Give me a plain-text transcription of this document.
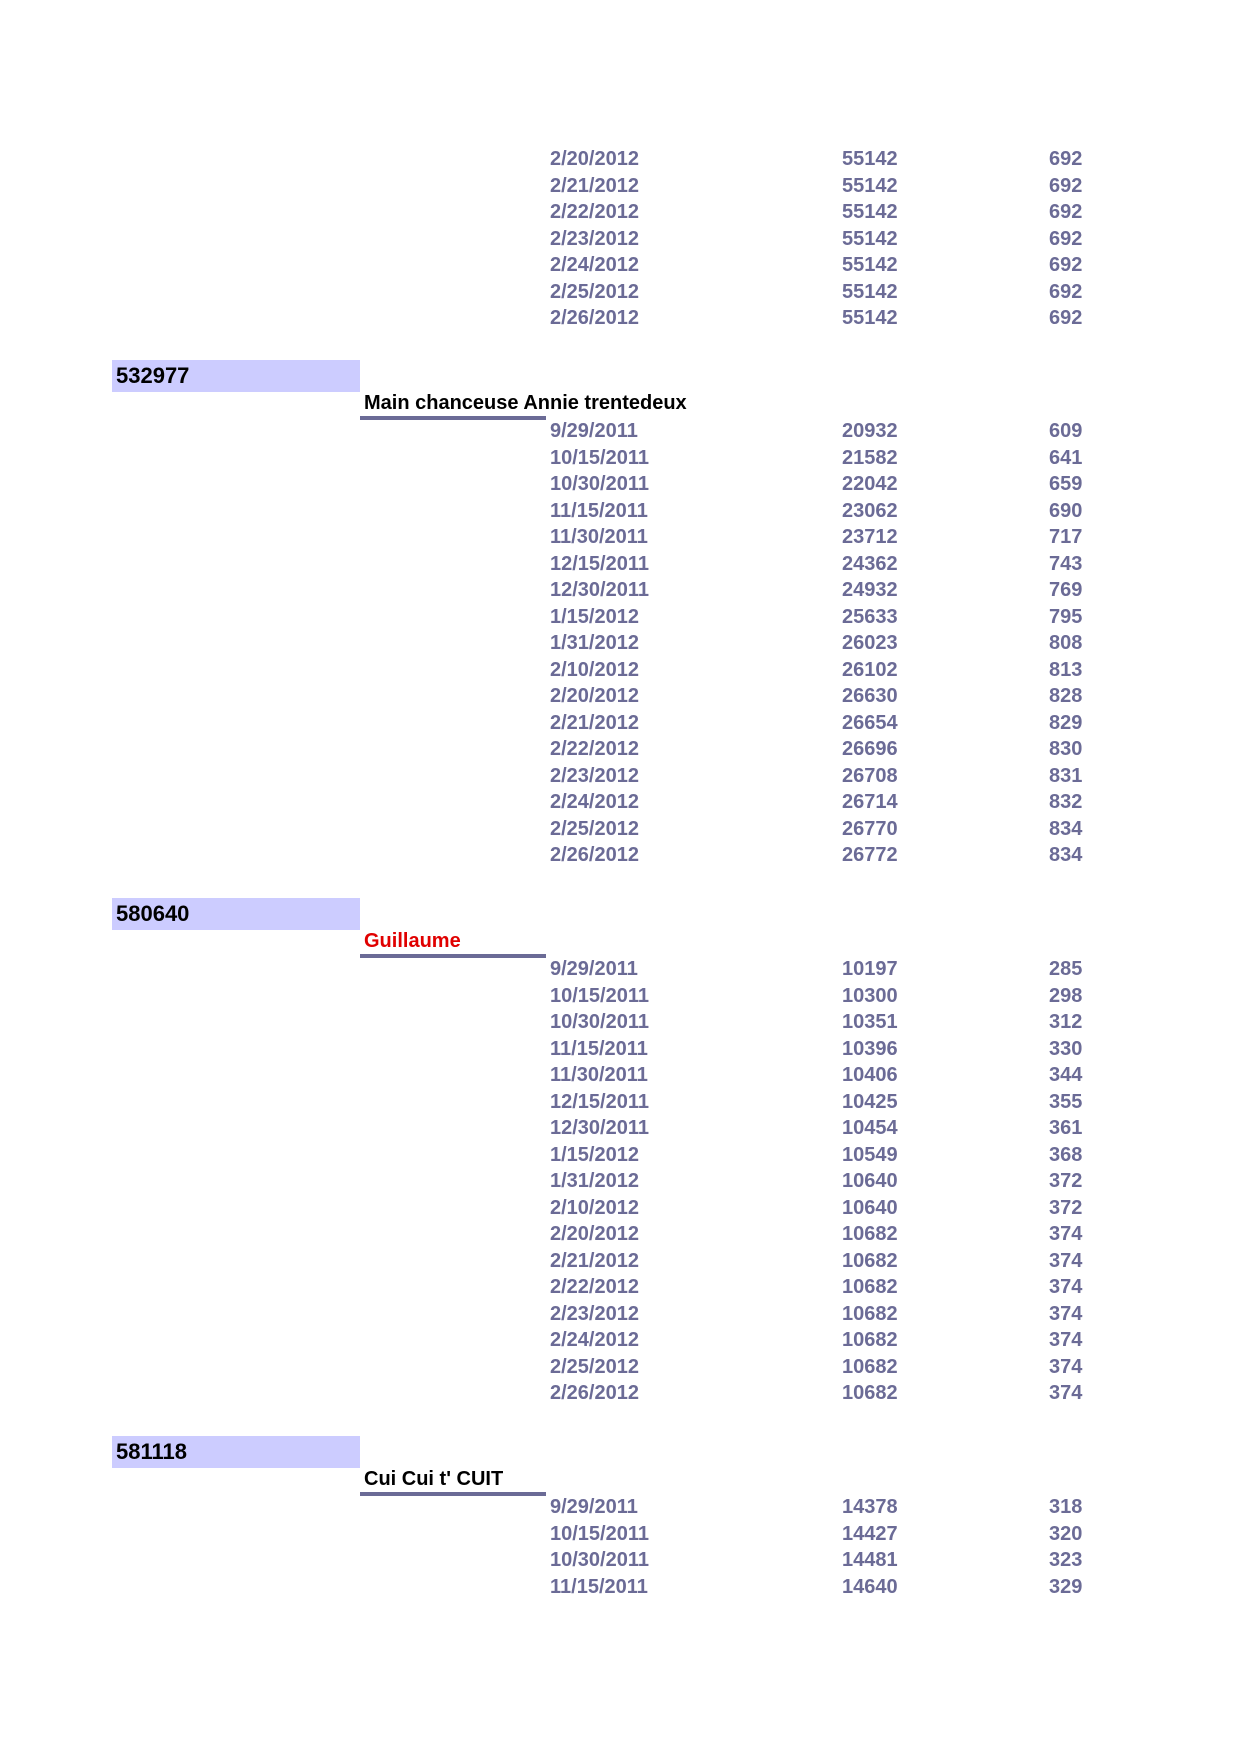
2/20/2012	55142	692
2/21/2012	55142	692
2/22/2012	55142	692
2/23/2012	55142	692
2/24/2012	55142	692
2/25/2012	55142	692
2/26/2012	55142	692
532977
Main chanceuse Annie trentedeux
9/29/2011	20932	609
10/15/2011	21582	641
10/30/2011	22042	659
11/15/2011	23062	690
11/30/2011	23712	717
12/15/2011	24362	743
12/30/2011	24932	769
1/15/2012	25633	795
1/31/2012	26023	808
2/10/2012	26102	813
2/20/2012	26630	828
2/21/2012	26654	829
2/22/2012	26696	830
2/23/2012	26708	831
2/24/2012	26714	832
2/25/2012	26770	834
2/26/2012	26772	834
580640
Guillaume
9/29/2011	10197	285
10/15/2011	10300	298
10/30/2011	10351	312
11/15/2011	10396	330
11/30/2011	10406	344
12/15/2011	10425	355
12/30/2011	10454	361
1/15/2012	10549	368
1/31/2012	10640	372
2/10/2012	10640	372
2/20/2012	10682	374
2/21/2012	10682	374
2/22/2012	10682	374
2/23/2012	10682	374
2/24/2012	10682	374
2/25/2012	10682	374
2/26/2012	10682	374
581118
Cui Cui t' CUIT
9/29/2011	14378	318
10/15/2011	14427	320
10/30/2011	14481	323
11/15/2011	14640	329
